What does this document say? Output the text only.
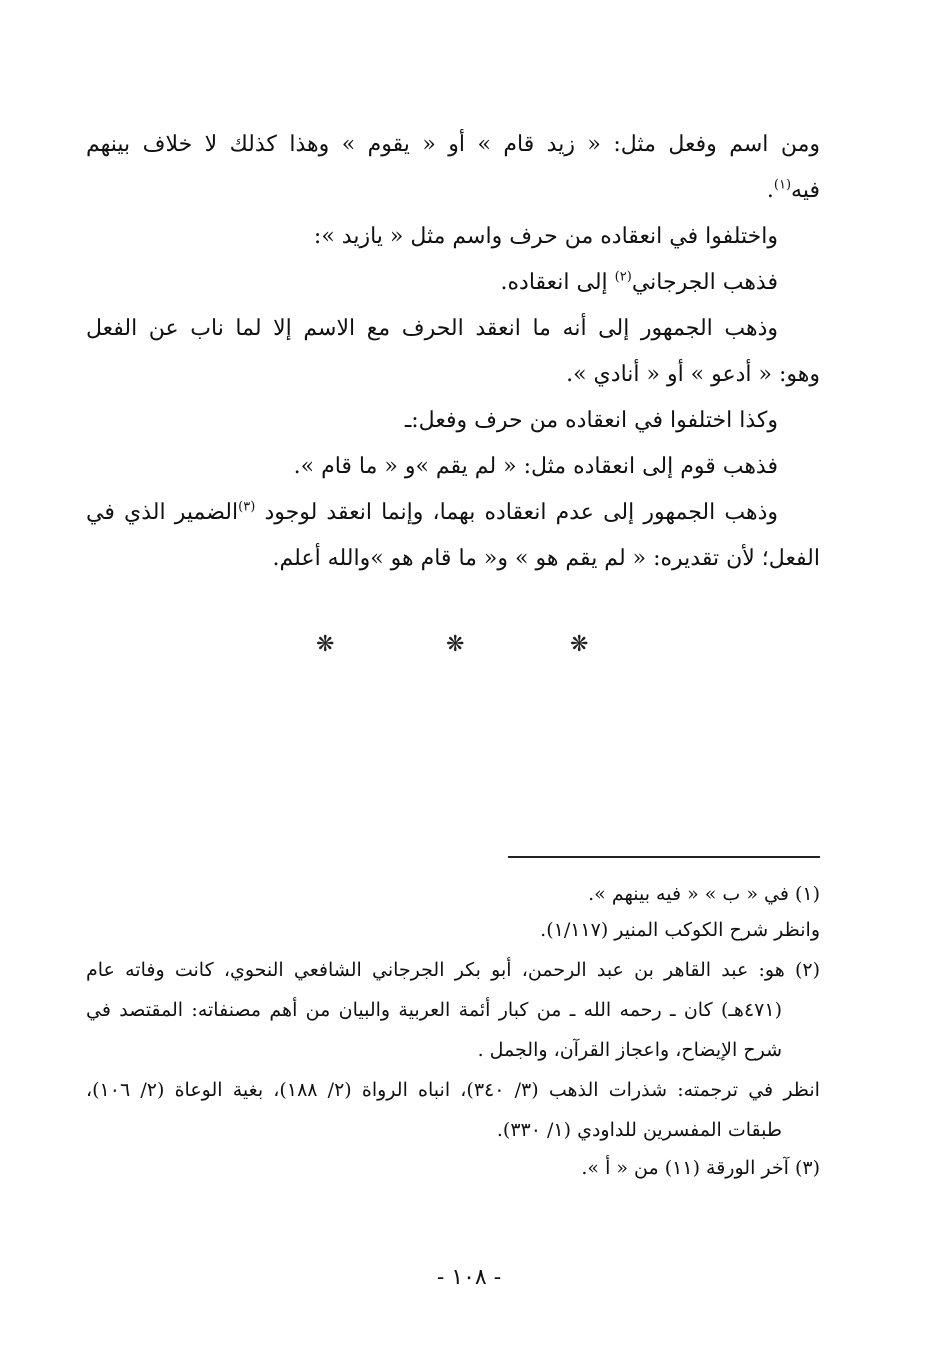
ومن اسم وفعل مثل: « زيد قام » أو « يقوم » وهذا كذلك لا خلاف بينهم
فيه$^{(١)}$.
واختلفوا في انعقاده من حرف واسم مثل « يازيد »:
فذهب الجرجاني$^{(٢)}$ إلى انعقاده.
وذهب الجمهور إلى أنه ما انعقد الحرف مع الاسم إلا لما ناب عن الفعل
وهو: « أدعو » أو « أنادي ».
وكذا اختلفوا في انعقاده من حرف وفعل:ـ
فذهب قوم إلى انعقاده مثل: « لم يقم »و « ما قام ».
وذهب الجمهور إلى عدم انعقاده بهما، وإنما انعقد لوجود $^{(٣)}$الضمير الذي في
الفعل؛ لأن تقديره: « لم يقم هو » و« ما قام هو »والله أعلم.
❋	❋	❋
(١) في « ب » « فيه بينهم ».
وانظر شرح الكوكب المنير (١/١١٧).
(٢) هو: عبد القاهر بن عبد الرحمن، أبو بكر الجرجاني الشافعي النحوي، كانت وفاته عام
(٤٧١هـ) كان ـ رحمه الله ـ من كبار أئمة العربية والبيان من أهم مصنفاته: المقتصد في
شرح الإيضاح، واعجاز القرآن، والجمل .
انظر في ترجمته: شذرات الذهب (٣/ ٣٤٠)، انباه الرواة (٢/ ١٨٨)، بغية الوعاة (٢/ ١٠٦)،
طبقات المفسرين للداودي (١/ ٣٣٠).
(٣) آخر الورقة (١١) من « أ ».
- ١٠٨ -
